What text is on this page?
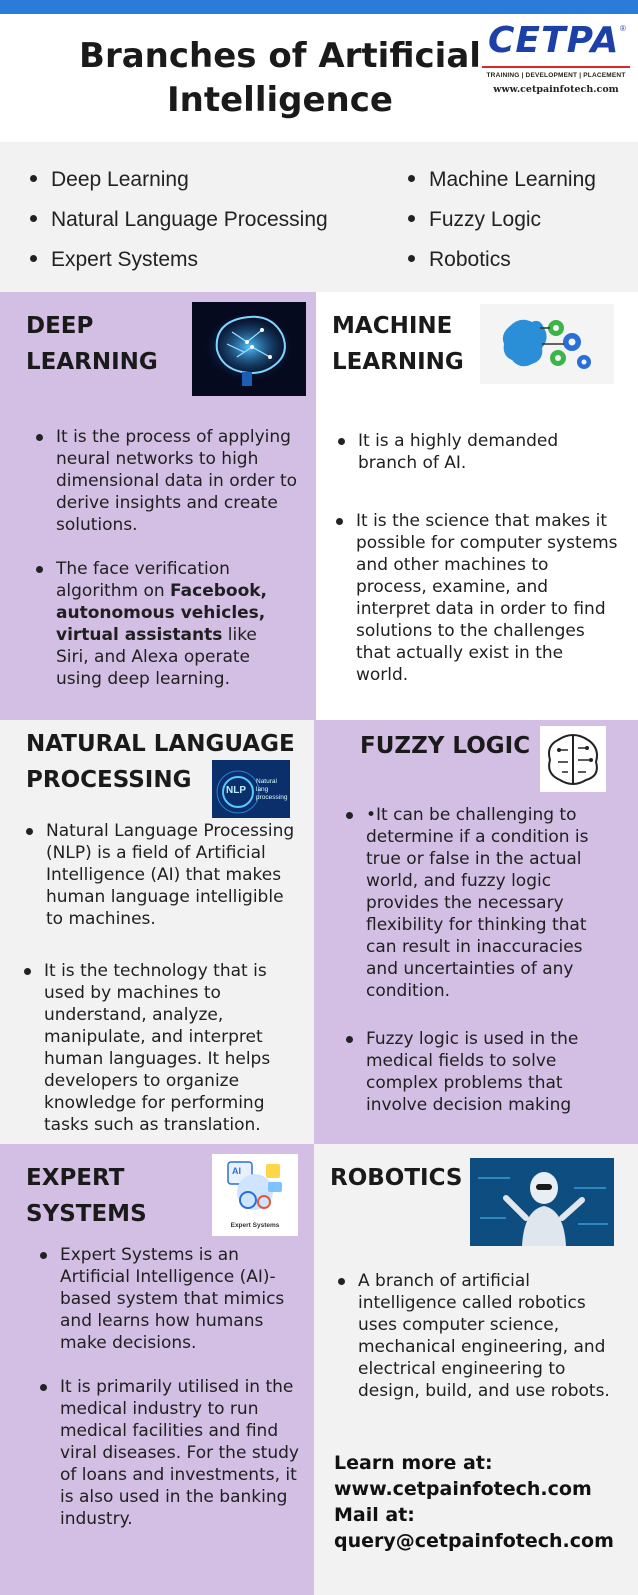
Branches of Artificial
Intelligence
CETPA ®
TRAINING | DEVELOPMENT | PLACEMENT
www.cetpainfotech.com
Deep Learning
Natural Language Processing
Expert Systems
Machine Learning
Fuzzy Logic
Robotics
DEEP
LEARNING
It is the process of applying neural networks to high dimensional data in order to derive insights and create solutions.
The face verification algorithm on Facebook, autonomous vehicles, virtual assistants like Siri, and Alexa operate using deep learning.
MACHINE
LEARNING
It is a highly demanded branch of AI.
It is the science that makes it possible for computer systems and other machines to process, examine, and interpret data in order to find solutions to the challenges that actually exist in the world.
NATURAL LANGUAGE
PROCESSING	NLP
Natural lang processing
Natural Language Processing (NLP) is a field of Artificial Intelligence (AI) that makes human language intelligible to machines.
It is the technology that is used by machines to understand, analyze, manipulate, and interpret human languages. It helps developers to organize knowledge for performing tasks such as translation.
FUZZY LOGIC
•It can be challenging to determine if a condition is true or false in the actual world, and fuzzy logic provides the necessary flexibility for thinking that can result in inaccuracies and uncertainties of any condition.
Fuzzy logic is used in the medical fields to solve complex problems that involve decision making
EXPERT
SYSTEMS
AI
Expert Systems
Expert Systems is an Artificial Intelligence (AI)-based system that mimics and learns how humans make decisions.
It is primarily utilised in the medical industry to run medical facilities and find viral diseases. For the study of loans and investments, it is also used in the banking industry.
ROBOTICS
A branch of artificial intelligence called robotics uses computer science, mechanical engineering, and electrical engineering to design, build, and use robots.
Learn more at:
www.cetpainfotech.com
Mail at:
query@cetpainfotech.com
